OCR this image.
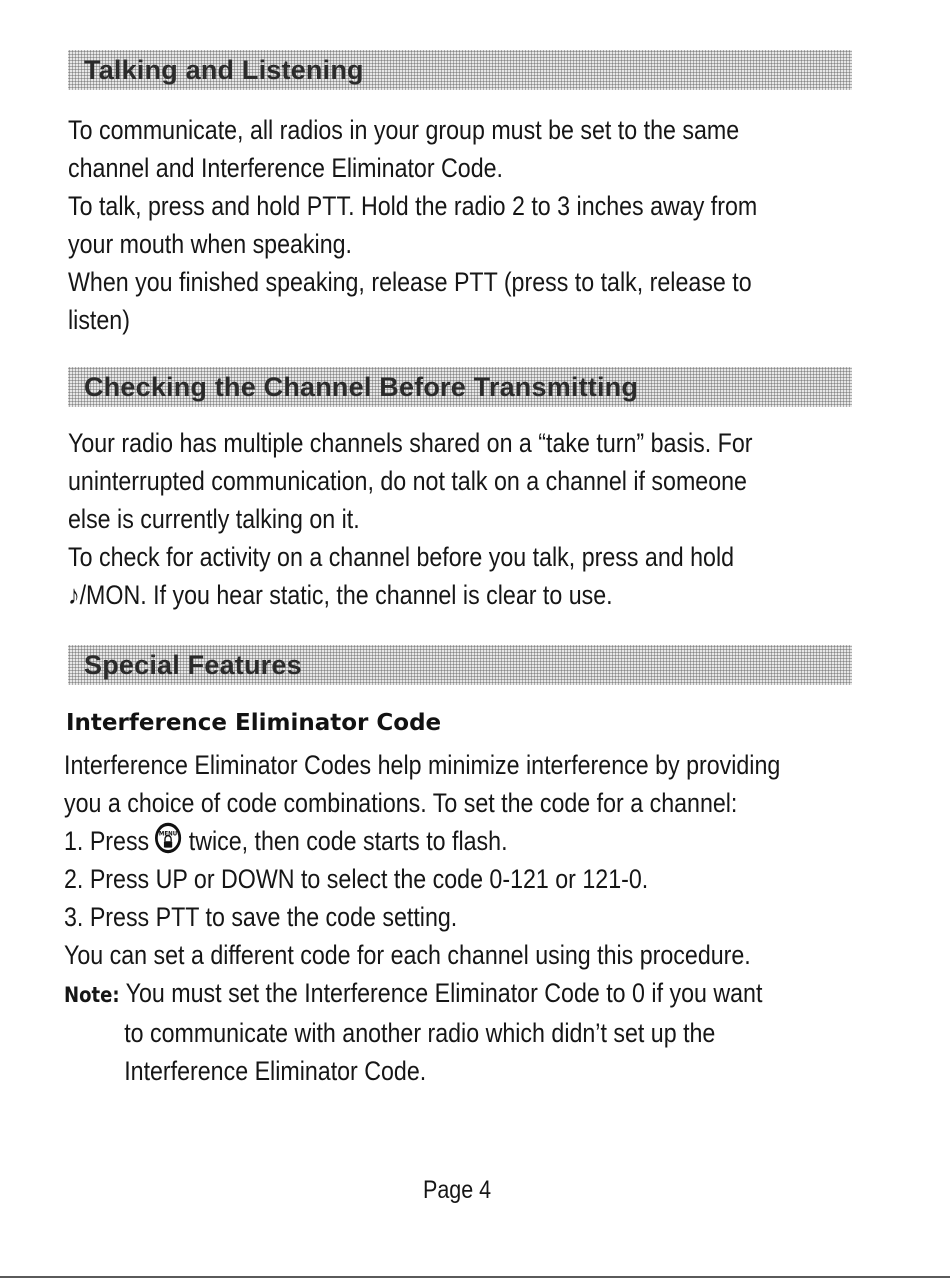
Talking and Listening

To communicate, all radios in your group must be set to the same
channel and Interference Eliminator Code.
To talk, press and hold PTT. Hold the radio 2 to 3 inches away from
your mouth when speaking.
When you finished speaking, release PTT (press to talk, release to
listen)

Checking the Channel Before Transmitting

Your radio has multiple channels shared on a “take turn” basis. For
uninterrupted communication, do not talk on a channel if someone
else is currently talking on it.
To check for activity on a channel before you talk, press and hold
♪/MON. If you hear static, the channel is clear to use.

Special Features
Interference Eliminator Code

Interference Eliminator Codes help minimize interference by providing
you a choice of code combinations. To set the code for a channel:
1. Press MENU twice, then code starts to flash.
2. Press UP or DOWN to select the code 0-121 or 121-0.
3. Press PTT to save the code setting.
You can set a different code for each channel using this procedure.
Note: You must set the Interference Eliminator Code to 0 if you want
to communicate with another radio which didn’t set up the
Interference Eliminator Code.

Page 4
